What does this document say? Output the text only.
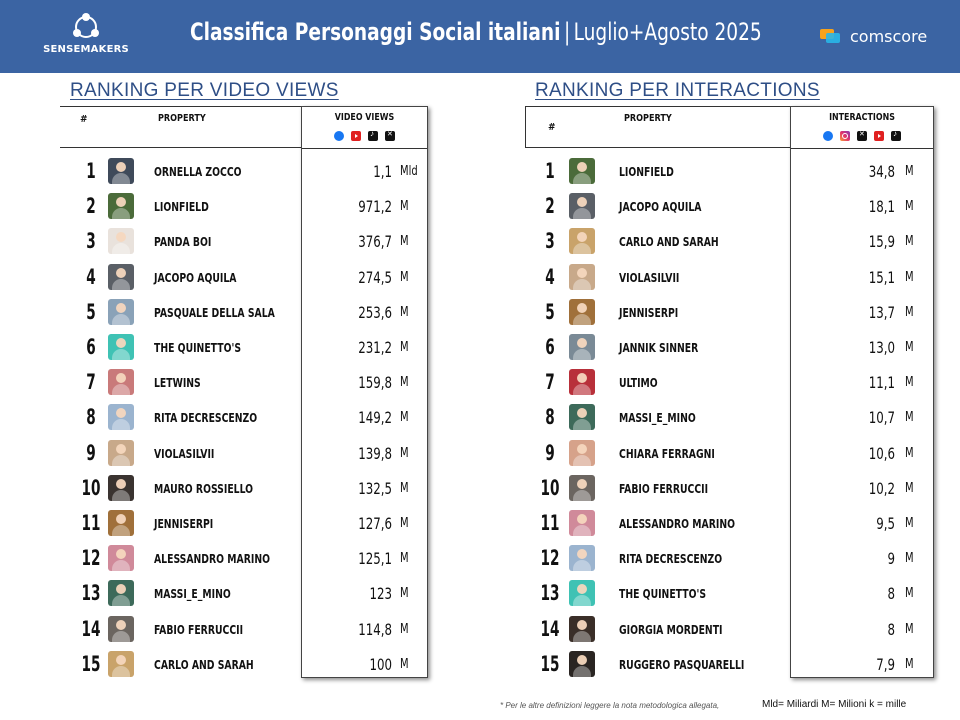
SENSEMAKERS
Classifica Personaggi Social italiani | Luglio+Agosto 2025	comscore
RANKING PER VIDEO VIEWS	RANKING PER INTERACTIONS
#	PROPERTY	VIDEO VIEWS
♪
✕
1	ORNELLA ZOCCO	1,1 Mld
2	LIONFIELD	971,2 M
3	PANDA BOI	376,7 M
4	JACOPO AQUILA	274,5 M
5	PASQUALE DELLA SALA	253,6 M
6	THE QUINETTO'S	231,2 M
7	LETWINS	159,8 M
8	RITA DECRESCENZO	149,2 M
9	VIOLASILVII	139,8 M
10	MAURO ROSSIELLO	132,5 M
11	JENNISERPI	127,6 M
12	ALESSANDRO MARINO	125,1 M
13	MASSI_E_MINO	123 M
14	FABIO FERRUCCII	114,8 M
15	CARLO AND SARAH	100 M
#
PROPERTY	INTERACTIONS
✕
♪
1	LIONFIELD	34,8 M
2	JACOPO AQUILA	18,1 M
3	CARLO AND SARAH	15,9 M
4	VIOLASILVII	15,1 M
5	JENNISERPI	13,7 M
6	JANNIK SINNER	13,0 M
7	ULTIMO	11,1 M
8	MASSI_E_MINO	10,7 M
9	CHIARA FERRAGNI	10,6 M
10	FABIO FERRUCCII	10,2 M
11	ALESSANDRO MARINO	9,5 M
12	RITA DECRESCENZO	9 M
13	THE QUINETTO'S	8 M
14	GIORGIA MORDENTI	8 M
15	RUGGERO PASQUARELLI	7,9 M
* Per le altre definizioni leggere la nota metodologica allegata,	Mld= Miliardi M= Milioni k = mille
